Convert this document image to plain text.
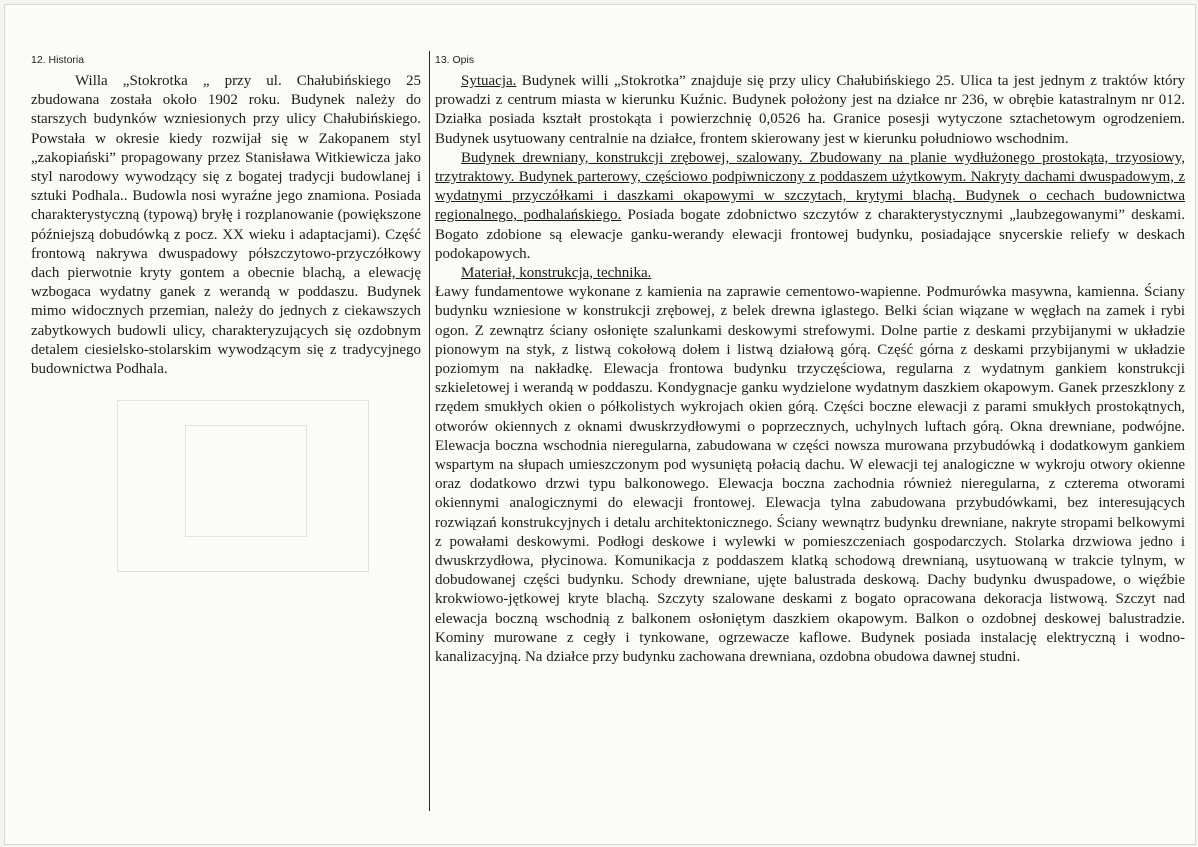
12. Historia

Willa „Stokrotka „ przy ul. Chałubińskiego 25 zbudowana została około 1902 roku. Budynek należy do starszych budynków wzniesionych przy ulicy Chałubińskiego. Powstała w okresie kiedy rozwijał się w Zakopanem styl „zakopiański” propagowany przez Stanisława Witkiewicza jako styl narodowy wywodzący się z bogatej tradycji budowlanej i sztuki Podhala.. Budowla nosi wyraźne jego znamiona. Posiada charakterystyczną (typową) bryłę i rozplanowanie (powiększone późniejszą dobudówką z pocz. XX wieku i adaptacjami). Część frontową nakrywa dwuspadowy półszczytowo-przyczółkowy dach pierwotnie kryty gontem a obecnie blachą, a elewację wzbogaca wydatny ganek z werandą w poddaszu. Budynek mimo widocznych przemian, należy do jednych z ciekawszych zabytkowych budowli ulicy, charakteryzujących się ozdobnym detalem ciesielsko-stolarskim wywodzącym się z tradycyjnego budownictwa Podhala.

13. Opis

Sytuacja. Budynek willi „Stokrotka” znajduje się przy ulicy Chałubińskiego 25. Ulica ta jest jednym z traktów który prowadzi z centrum miasta w kierunku Kuźnic. Budynek położony jest na działce nr 236, w obrębie katastralnym nr 012. Działka posiada kształt prostokąta i powierzchnię 0,0526 ha. Granice posesji wytyczone sztachetowym ogrodzeniem. Budynek usytuowany centralnie na działce, frontem skierowany jest w kierunku południowo wschodnim.

Budynek drewniany, konstrukcji zrębowej, szalowany. Zbudowany na planie wydłużonego prostokąta, trzyosiowy, trzytraktowy. Budynek parterowy, częściowo podpiwniczony z poddaszem użytkowym. Nakryty dachami dwuspadowym, z wydatnymi przyczółkami i daszkami okapowymi w szczytach, krytymi blachą. Budynek o cechach budownictwa regionalnego, podhalańskiego. Posiada bogate zdobnictwo szczytów z charakterystycznymi „laubzegowanymi” deskami. Bogato zdobione są elewacje ganku-werandy elewacji frontowej budynku, posiadające snycerskie reliefy w deskach podokapowych.

Materiał, konstrukcja, technika.

Ławy fundamentowe wykonane z kamienia na zaprawie cementowo-wapienne. Podmurówka masywna, kamienna. Ściany budynku wzniesione w konstrukcji zrębowej, z belek drewna iglastego. Belki ścian wiązane w węgłach na zamek i rybi ogon. Z zewnątrz ściany osłonięte szalunkami deskowymi strefowymi. Dolne partie z deskami przybijanymi w układzie pionowym na styk, z listwą cokołową dołem i listwą działową górą. Część górna z deskami przybijanymi w układzie poziomym na nakładkę. Elewacja frontowa budynku trzyczęściowa, regularna z wydatnym gankiem konstrukcji szkieletowej i werandą w poddaszu. Kondygnacje ganku wydzielone wydatnym daszkiem okapowym. Ganek przeszklony z rzędem smukłych okien o półkolistych wykrojach okien górą. Części boczne elewacji z parami smukłych prostokątnych, otworów okiennych z oknami dwuskrzydłowymi o poprzecznych, uchylnych luftach górą. Okna drewniane, podwójne. Elewacja boczna wschodnia nieregularna, zabudowana w części nowsza murowana przybudówką i dodatkowym gankiem wspartym na słupach umieszczonym pod wysuniętą połacią dachu. W elewacji tej analogiczne w wykroju otwory okienne oraz dodatkowo drzwi typu balkonowego. Elewacja boczna zachodnia również nieregularna, z czterema otworami okiennymi analogicznymi do elewacji frontowej. Elewacja tylna zabudowana przybudówkami, bez interesujących rozwiązań konstrukcyjnych i detalu architektonicznego. Ściany wewnątrz budynku drewniane, nakryte stropami belkowymi z powałami deskowymi. Podłogi deskowe i wylewki w pomieszczeniach gospodarczych. Stolarka drzwiowa jedno i dwuskrzydłowa, płycinowa. Komunikacja z poddaszem klatką schodową drewnianą, usytuowaną w trakcie tylnym, w dobudowanej części budynku. Schody drewniane, ujęte balustrada deskową. Dachy budynku dwuspadowe, o więźbie krokwiowo-jętkowej kryte blachą. Szczyty szalowane deskami z bogato opracowana dekoracja listwową. Szczyt nad elewacja boczną wschodnią z balkonem osłoniętym daszkiem okapowym. Balkon o ozdobnej deskowej balustradzie. Kominy murowane z cegły i tynkowane, ogrzewacze kaflowe. Budynek posiada instalację elektryczną i wodno-kanalizacyjną. Na działce przy budynku zachowana drewniana, ozdobna obudowa dawnej studni.
